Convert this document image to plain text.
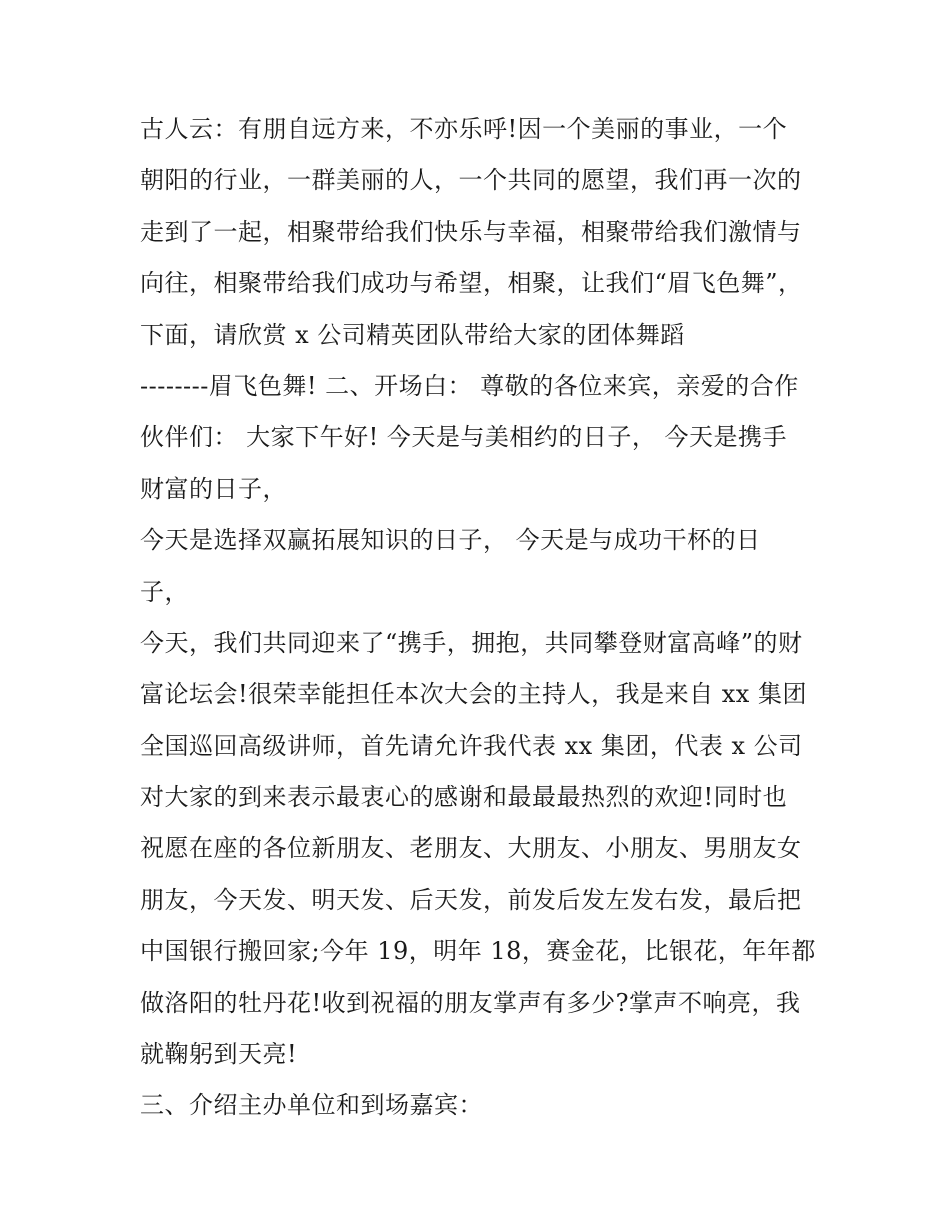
古人云：有朋自远方来，不亦乐呼!因一个美丽的事业，一个
朝阳的行业，一群美丽的人，一个共同的愿望，我们再一次的
走到了一起，相聚带给我们快乐与幸福，相聚带给我们激情与
向往，相聚带给我们成功与希望，相聚，让我们“眉飞色舞”，
下面，请欣赏 x 公司精英团队带给大家的团体舞蹈
--------眉飞色舞! 二、开场白： 尊敬的各位来宾，亲爱的合作
伙伴们： 大家下午好! 今天是与美相约的日子， 今天是携手
财富的日子，
今天是选择双赢拓展知识的日子， 今天是与成功干杯的日
子，
今天，我们共同迎来了“携手，拥抱，共同攀登财富高峰”的财
富论坛会!很荣幸能担任本次大会的主持人，我是来自 xx 集团
全国巡回高级讲师，首先请允许我代表 xx 集团，代表 x 公司
对大家的到来表示最衷心的感谢和最最最热烈的欢迎!同时也
祝愿在座的各位新朋友、老朋友、大朋友、小朋友、男朋友女
朋友，今天发、明天发、后天发，前发后发左发右发，最后把
中国银行搬回家;今年 19，明年 18，赛金花，比银花，年年都
做洛阳的牡丹花!收到祝福的朋友掌声有多少?掌声不响亮，我
就鞠躬到天亮!
三、介绍主办单位和到场嘉宾：
